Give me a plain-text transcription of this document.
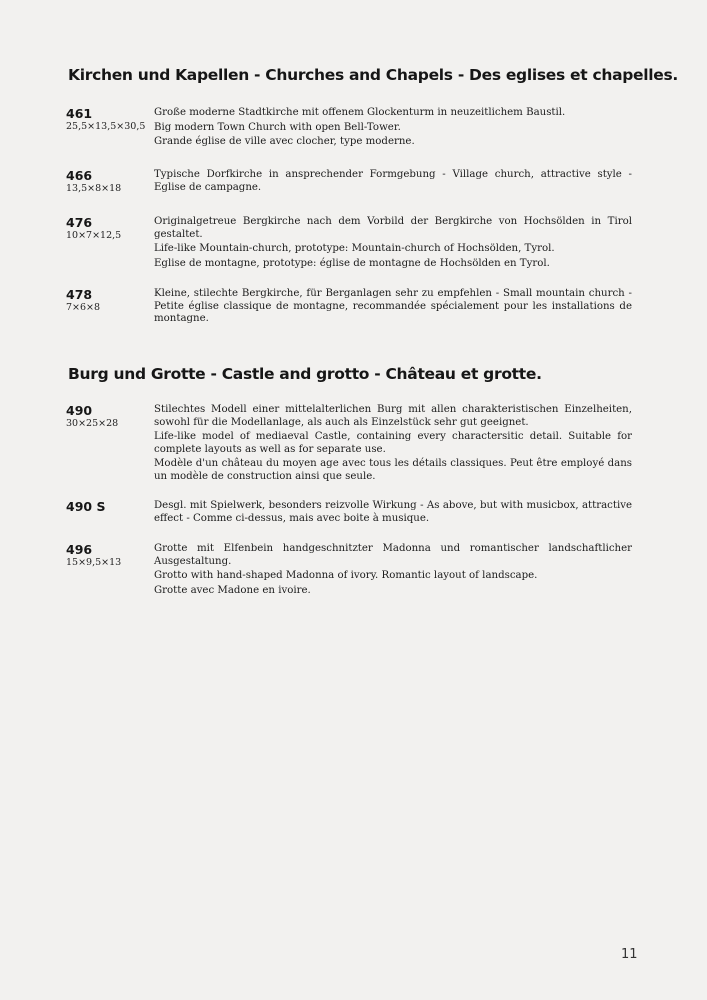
Kirchen und Kapellen - Churches and Chapels - Des eglises et chapelles.
461
25,5×13,5×30,5

Große moderne Stadtkirche mit offenem Glockenturm in neuzeitlichem Baustil.

Big modern Town Church with open Bell-Tower.

Grande église de ville avec clocher, type moderne.

466
13,5×8×18

Typische Dorfkirche in ansprechender Formgebung - Village church, attractive style - Eglise de campagne.

476
10×7×12,5

Originalgetreue Bergkirche nach dem Vorbild der Bergkirche von Hochsölden in Tirol gestaltet.

Life-like Mountain-church, prototype: Mountain-church of Hochsölden, Tyrol.

Eglise de montagne, prototype: église de montagne de Hochsölden en Tyrol.

478
7×6×8

Kleine, stilechte Bergkirche, für Berganlagen sehr zu empfehlen - Small mountain church - Petite église classique de montagne, recommandée spécialement pour les installations de montagne.

Burg und Grotte - Castle and grotto - Château et grotte.
490
30×25×28

Stilechtes Modell einer mittelalterlichen Burg mit allen charakteristischen Einzelheiten, sowohl für die Modellanlage, als auch als Einzelstück sehr gut geeignet.

Life-like model of mediaeval Castle, containing every charactersitic detail. Suitable for complete layouts as well as for separate use.

Modèle d'un château du moyen age avec tous les détails classiques. Peut être employé dans un modèle de construction ainsi que seule.

490 S	Desgl. mit Spielwerk, besonders reizvolle Wirkung - As above, but with musicbox, attractive effect - Comme ci-dessus, mais avec boite à musique.

496
15×9,5×13

Grotte mit Elfenbein handgeschnitzter Madonna und romantischer landschaftlicher Ausgestaltung.

Grotto with hand-shaped Madonna of ivory. Romantic layout of landscape.

Grotte avec Madone en ivoire.

11
